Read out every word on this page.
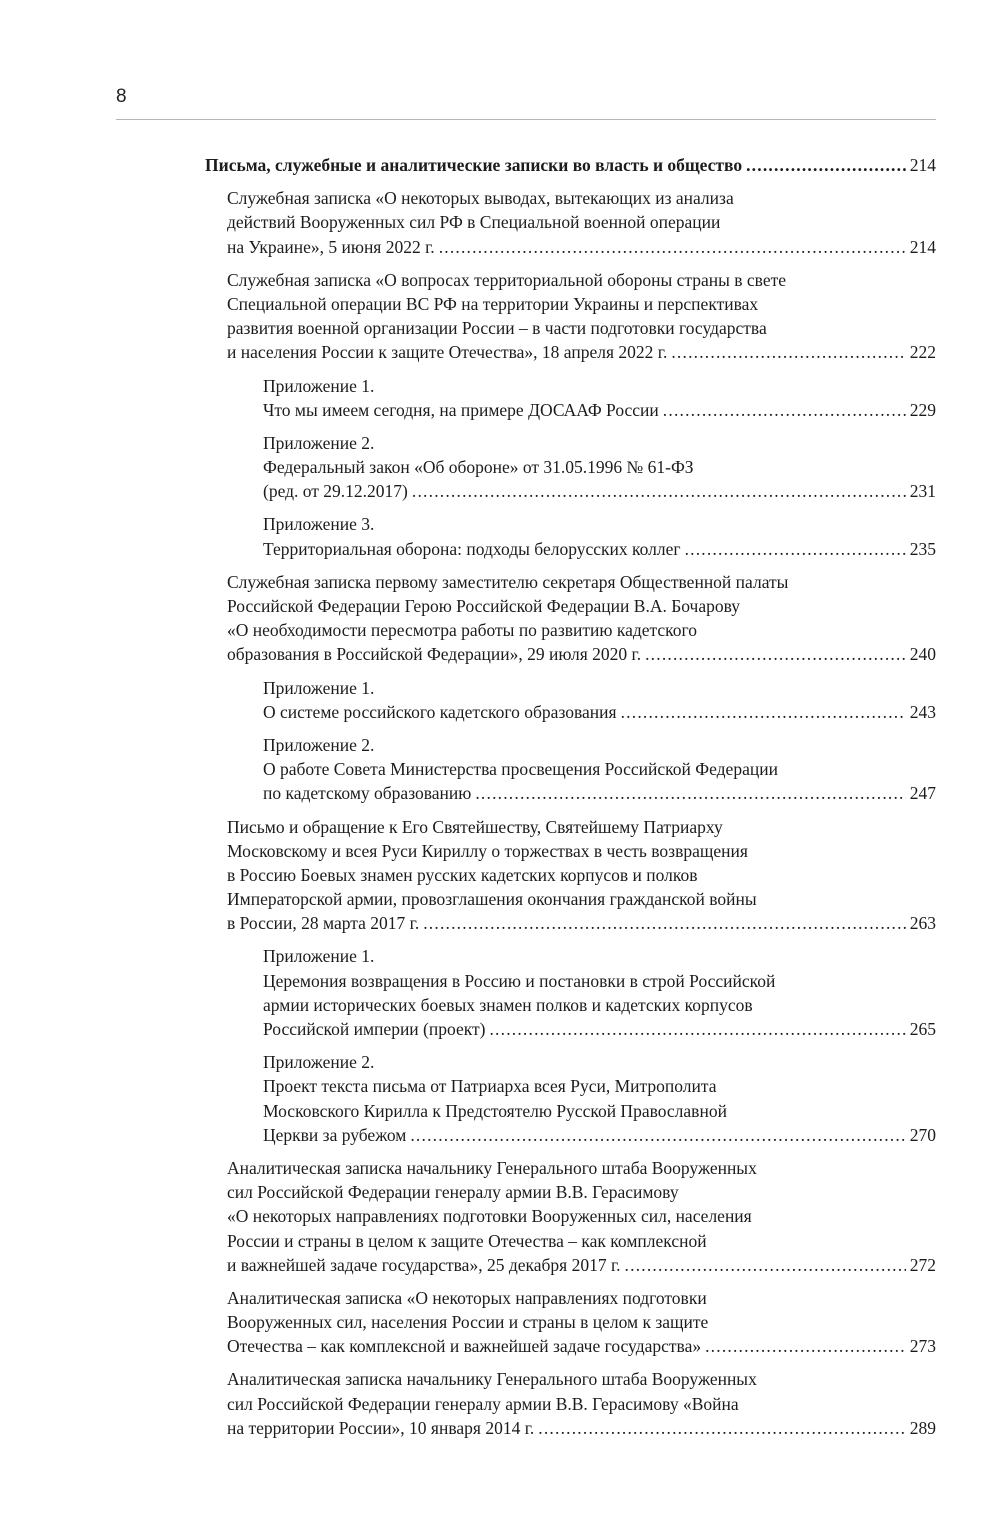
8
Письма, служебные и аналитические записки во власть и общество .....	214
Служебная записка «О некоторых выводах, вытекающих из анализа
действий Вооруженных сил РФ в Специальной военной операции
на Украине», 5 июня 2022 г. .....	214
Служебная записка «О вопросах территориальной обороны страны в свете
Специальной операции ВС РФ на территории Украины и перспективах
развития военной организации России – в части подготовки государства
и населения России к защите Отечества», 18 апреля 2022 г. .....	222
Приложение 1.
Что мы имеем сегодня, на примере ДОСААФ России .....	229
Приложение 2.
Федеральный закон «Об обороне» от 31.05.1996 № 61-ФЗ
(ред. от 29.12.2017) .....	231
Приложение 3.
Территориальная оборона: подходы белорусских коллег .....	235
Служебная записка первому заместителю секретаря Общественной палаты
Российской Федерации Герою Российской Федерации В.А. Бочарову
«О необходимости пересмотра работы по развитию кадетского
образования в Российской Федерации», 29 июля 2020 г. .....	240
Приложение 1.
О системе российского кадетского образования .....	243
Приложение 2.
О работе Совета Министерства просвещения Российской Федерации
по кадетскому образованию .....	247
Письмо и обращение к Его Святейшеству, Святейшему Патриарху
Московскому и всея Руси Кириллу о торжествах в честь возвращения
в Россию Боевых знамен русских кадетских корпусов и полков
Императорской армии, провозглашения окончания гражданской войны
в России, 28 марта 2017 г. .....	263
Приложение 1.
Церемония возвращения в Россию и постановки в строй Российской
армии исторических боевых знамен полков и кадетских корпусов
Российской империи (проект) .....	265
Приложение 2.
Проект текста письма от Патриарха всея Руси, Митрополита
Московского Кирилла к Предстоятелю Русской Православной
Церкви за рубежом .....	270
Аналитическая записка начальнику Генерального штаба Вооруженных
сил Российской Федерации генералу армии В.В. Герасимову
«О некоторых направлениях подготовки Вооруженных сил, населения
России и страны в целом к защите Отечества – как комплексной
и важнейшей задаче государства», 25 декабря 2017 г. .....	272
Аналитическая записка «О некоторых направлениях подготовки
Вооруженных сил, населения России и страны в целом к защите
Отечества – как комплексной и важнейшей задаче государства» .....	273
Аналитическая записка начальнику Генерального штаба Вооруженных
сил Российской Федерации генералу армии В.В. Герасимову «Война
на территории России», 10 января 2014 г. .....	289
